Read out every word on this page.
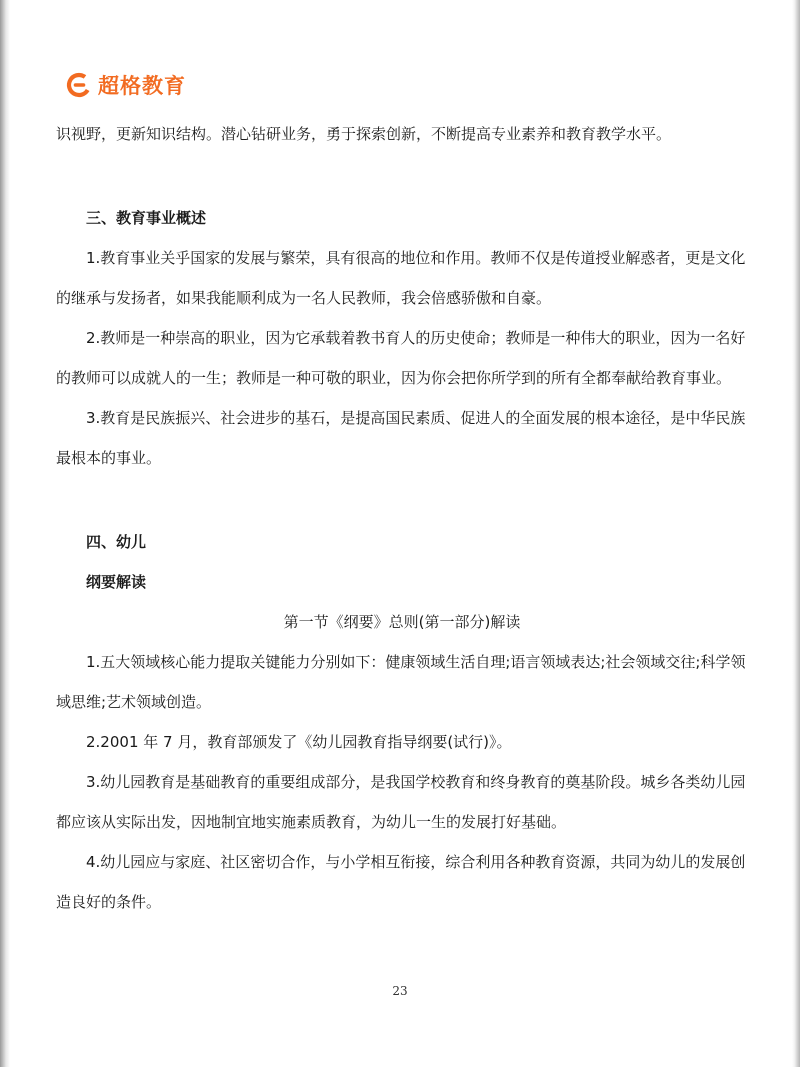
超格教育

识视野，更新知识结构。潜心钻研业务，勇于探索创新，不断提高专业素养和教育教学水平。

三、教育事业概述

1.教育事业关乎国家的发展与繁荣，具有很高的地位和作用。教师不仅是传道授业解惑者，更是文化的继承与发扬者，如果我能顺利成为一名人民教师，我会倍感骄傲和自豪。

2.教师是一种崇高的职业，因为它承载着教书育人的历史使命；教师是一种伟大的职业，因为一名好的教师可以成就人的一生；教师是一种可敬的职业，因为你会把你所学到的所有全都奉献给教育事业。

3.教育是民族振兴、社会进步的基石，是提高国民素质、促进人的全面发展的根本途径，是中华民族最根本的事业。

四、幼儿

纲要解读

第一节《纲要》总则(第一部分)解读

1.五大领域核心能力提取关键能力分别如下：健康领域生活自理;语言领域表达;社会领域交往;科学领域思维;艺术领域创造。

2.2001 年 7 月，教育部颁发了《幼儿园教育指导纲要(试行)》。

3.幼儿园教育是基础教育的重要组成部分，是我国学校教育和终身教育的奠基阶段。城乡各类幼儿园都应该从实际出发，因地制宜地实施素质教育，为幼儿一生的发展打好基础。

4.幼儿园应与家庭、社区密切合作，与小学相互衔接，综合利用各种教育资源，共同为幼儿的发展创造良好的条件。

23
